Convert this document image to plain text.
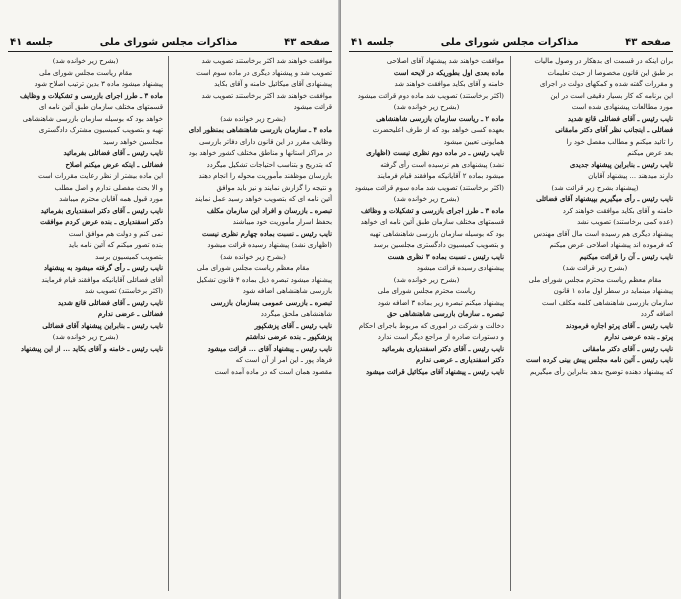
صفحه ۴۳
مذاکرات مجلس شورای ملی
جلسه ۴۱
موافقت خواهند شد اکثر برخاستند تصویب شد
تصویب شد و پیشنهاد دیگری در ماده سوم است
پیشنهادی آقای میکائیل خامنه و آقای بکاید
موافقت خواهند شد اکثر برخاستند تصویب شد
قرائت میشود
(بشرح زیر خوانده شد)
ماده ۴ ـ سازمان بازرسی شاهنشاهی بمنظور ادای
وظایف مقرر در این قانون دارای دفاتر بازرسی
در مراکز استانها و مناطق مختلف کشور خواهد بود
که بتدریج و بتناسب احتیاجات تشکیل میگردد
بازرسان موظفند مأموریت محوله را انجام دهند
و نتیجه را گزارش نمایند و نیز باید موافق
آئین نامه ای که بتصویب خواهد رسید عمل نمایند
تبصره ـ بازرسان و افراد این سازمان مکلف
بحفظ اسرار مأموریت خود میباشند
نایب رئیس ـ نسبت بماده چهارم نظری نیست
(اظهاری نشد) پیشنهاد رسیده قرائت میشود
(بشرح زیر خوانده شد)
مقام معظم ریاست مجلس شورای ملی
پیشنهاد میشود تبصره ذیل بماده ۴ قانون تشکیل
بازرسی شاهنشاهی اضافه شود
تبصره ـ بازرسی عمومی بسازمان بازرسی
شاهنشاهی ملحق میگردد
نایب رئیس ـ آقای پزشکپور
پزشکپور ـ بنده عرضی نداشتم
نایب رئیس ـ پیشنهاد آقای ... قرائت میشود
فرهاد پور ـ این امر از آن است که
مقصود همان است که در ماده آمده است
(بشرح زیر خوانده شد)
مقام ریاست مجلس شورای ملی
پیشنهاد میشود ماده ۳ بدین ترتیب اصلاح شود
ماده ۳ ـ طرز اجرای بازرسی و تشکیلات و وظایف
قسمتهای مختلف سازمان طبق آئین نامه ای
خواهد بود که بوسیله سازمان بازرسی شاهنشاهی
تهیه و بتصویب کمیسیون مشترک دادگستری
مجلسین خواهد رسید
نایب رئیس ـ آقای فضائلی بفرمائید
فضائلی ـ اینکه عرض میکنم اصلاح
این ماده بیشتر از نظر رعایت مقررات است
و الا بحث مفصلی ندارم و اصل مطلب
مورد قبول همه آقایان محترم میباشد
نایب رئیس ـ آقای دکتر اسفندیاری بفرمائید
دکتر اسفندیاری ـ بنده عرض کردم موافقت
نمی کنم و دولت هم موافق است
بنده تصور میکنم که آئین نامه باید
بتصویب کمیسیون برسد
نایب رئیس ـ رأی گرفته میشود به پیشنهاد
آقای فضائلی آقایانیکه موافقند قیام فرمایند
(اکثر برخاستند) تصویب شد
نایب رئیس ـ آقای فضائلی قانع شدید
فضائلی ـ عرضی ندارم
نایب رئیس ـ بنابراین پیشنهاد آقای فضائلی
(بشرح زیر خوانده شد)
نایب رئیس ـ خامنه و آقای بکاید ... از این پیشنهاد
صفحه ۴۳
مذاکرات مجلس شورای ملی
جلسه ۴۱
بران اینکه در قسمت ای بدهکار در وصول مالیات
بر طبق این قانون مخصوصا از حیث تعلیمات
و مقررات گفته شده و کمکهای دولت در اجرای
این برنامه که کار بسیار دقیقی است در این
مورد مطالعات پیشنهادی شده است
نایب رئیس ـ آقای فضائلی قانع شدید
فضائلی ـ اینجانب نظر آقای دکتر مامقانی
را تائید میکنم و مطالب مفصل خود را
بعد عرض میکنم
نایب رئیس ـ بنابراین پیشنهاد جدیدی
دارند میدهند ... پیشنهاد آقایان
(پیشنهاد بشرح زیر قرائت شد)
نایب رئیس ـ رأی میگیریم بپیشنهاد آقای فضائلی
خامنه و آقای بکاید موافقت خواهند کرد
(عده کمی برخاستند) تصویب نشد
پیشنهاد دیگری هم رسیده است مال آقای مهندس
که فرموده اند پیشنهاد اصلاحی عرض میکنم
نایب رئیس ـ آن را قرائت میکنیم
(بشرح زیر قرائت شد)
مقام معظم ریاست محترم مجلس شورای ملی
پیشنهاد مینماید در سطر اول ماده ۱ قانون
سازمان بازرسی شاهنشاهی کلمه مکلف است
اضافه گردد
نایب رئیس ـ آقای پرتو اجازه فرمودند
پرتو ـ بنده عرضی ندارم
نایب رئیس ـ آقای دکتر مامقانی
نایب رئیس ـ آئین نامه مجلس پیش بینی کرده است
که پیشنهاد دهنده توضیح بدهد بنابراین رأی میگیریم
موافقت خواهند شد پیشنهاد آقای اصلاحی
ماده بعدی اول بطوریکه در لایحه است
خامنه و آقای بکاید موافقت خواهند شد
(اکثر برخاستند) تصویب شد ماده دوم قرائت میشود
(بشرح زیر خوانده شد)
ماده ۲ ـ ریاست سازمان بازرسی شاهنشاهی
بعهده کسی خواهد بود که از طرف اعلیحضرت
همایونی تعیین میشود
نایب رئیس ـ در ماده دوم نظری نیست (اظهاری
نشد) پیشنهادی هم نرسیده است رأی گرفته
میشود بماده ۲ آقایانیکه موافقند قیام فرمایند
(اکثر برخاستند) تصویب شد ماده سوم قرائت میشود
(بشرح زیر خوانده شد)
ماده ۳ ـ طرز اجرای بازرسی و تشکیلات و وظائف
قسمتهای مختلف سازمان طبق آئین نامه ای خواهد
بود که بوسیله سازمان بازرسی شاهنشاهی تهیه
و بتصویب کمیسیون دادگستری مجلسین برسد
نایب رئیس ـ نسبت بماده ۳ نظری هست
پیشنهادی رسیده قرائت میشود
(بشرح زیر خوانده شد)
ریاست محترم مجلس شورای ملی
پیشنهاد میکنم تبصره زیر بماده ۳ اضافه شود
تبصره ـ سازمان بازرسی شاهنشاهی حق
دخالت و شرکت در اموری که مربوط باجرای احکام
و دستورات صادره از مراجع دیگر است ندارد
نایب رئیس ـ آقای دکتر اسفندیاری بفرمائید
دکتر اسفندیاری ـ عرضی ندارم
نایب رئیس ـ پیشنهاد آقای میکائیل قرائت میشود
